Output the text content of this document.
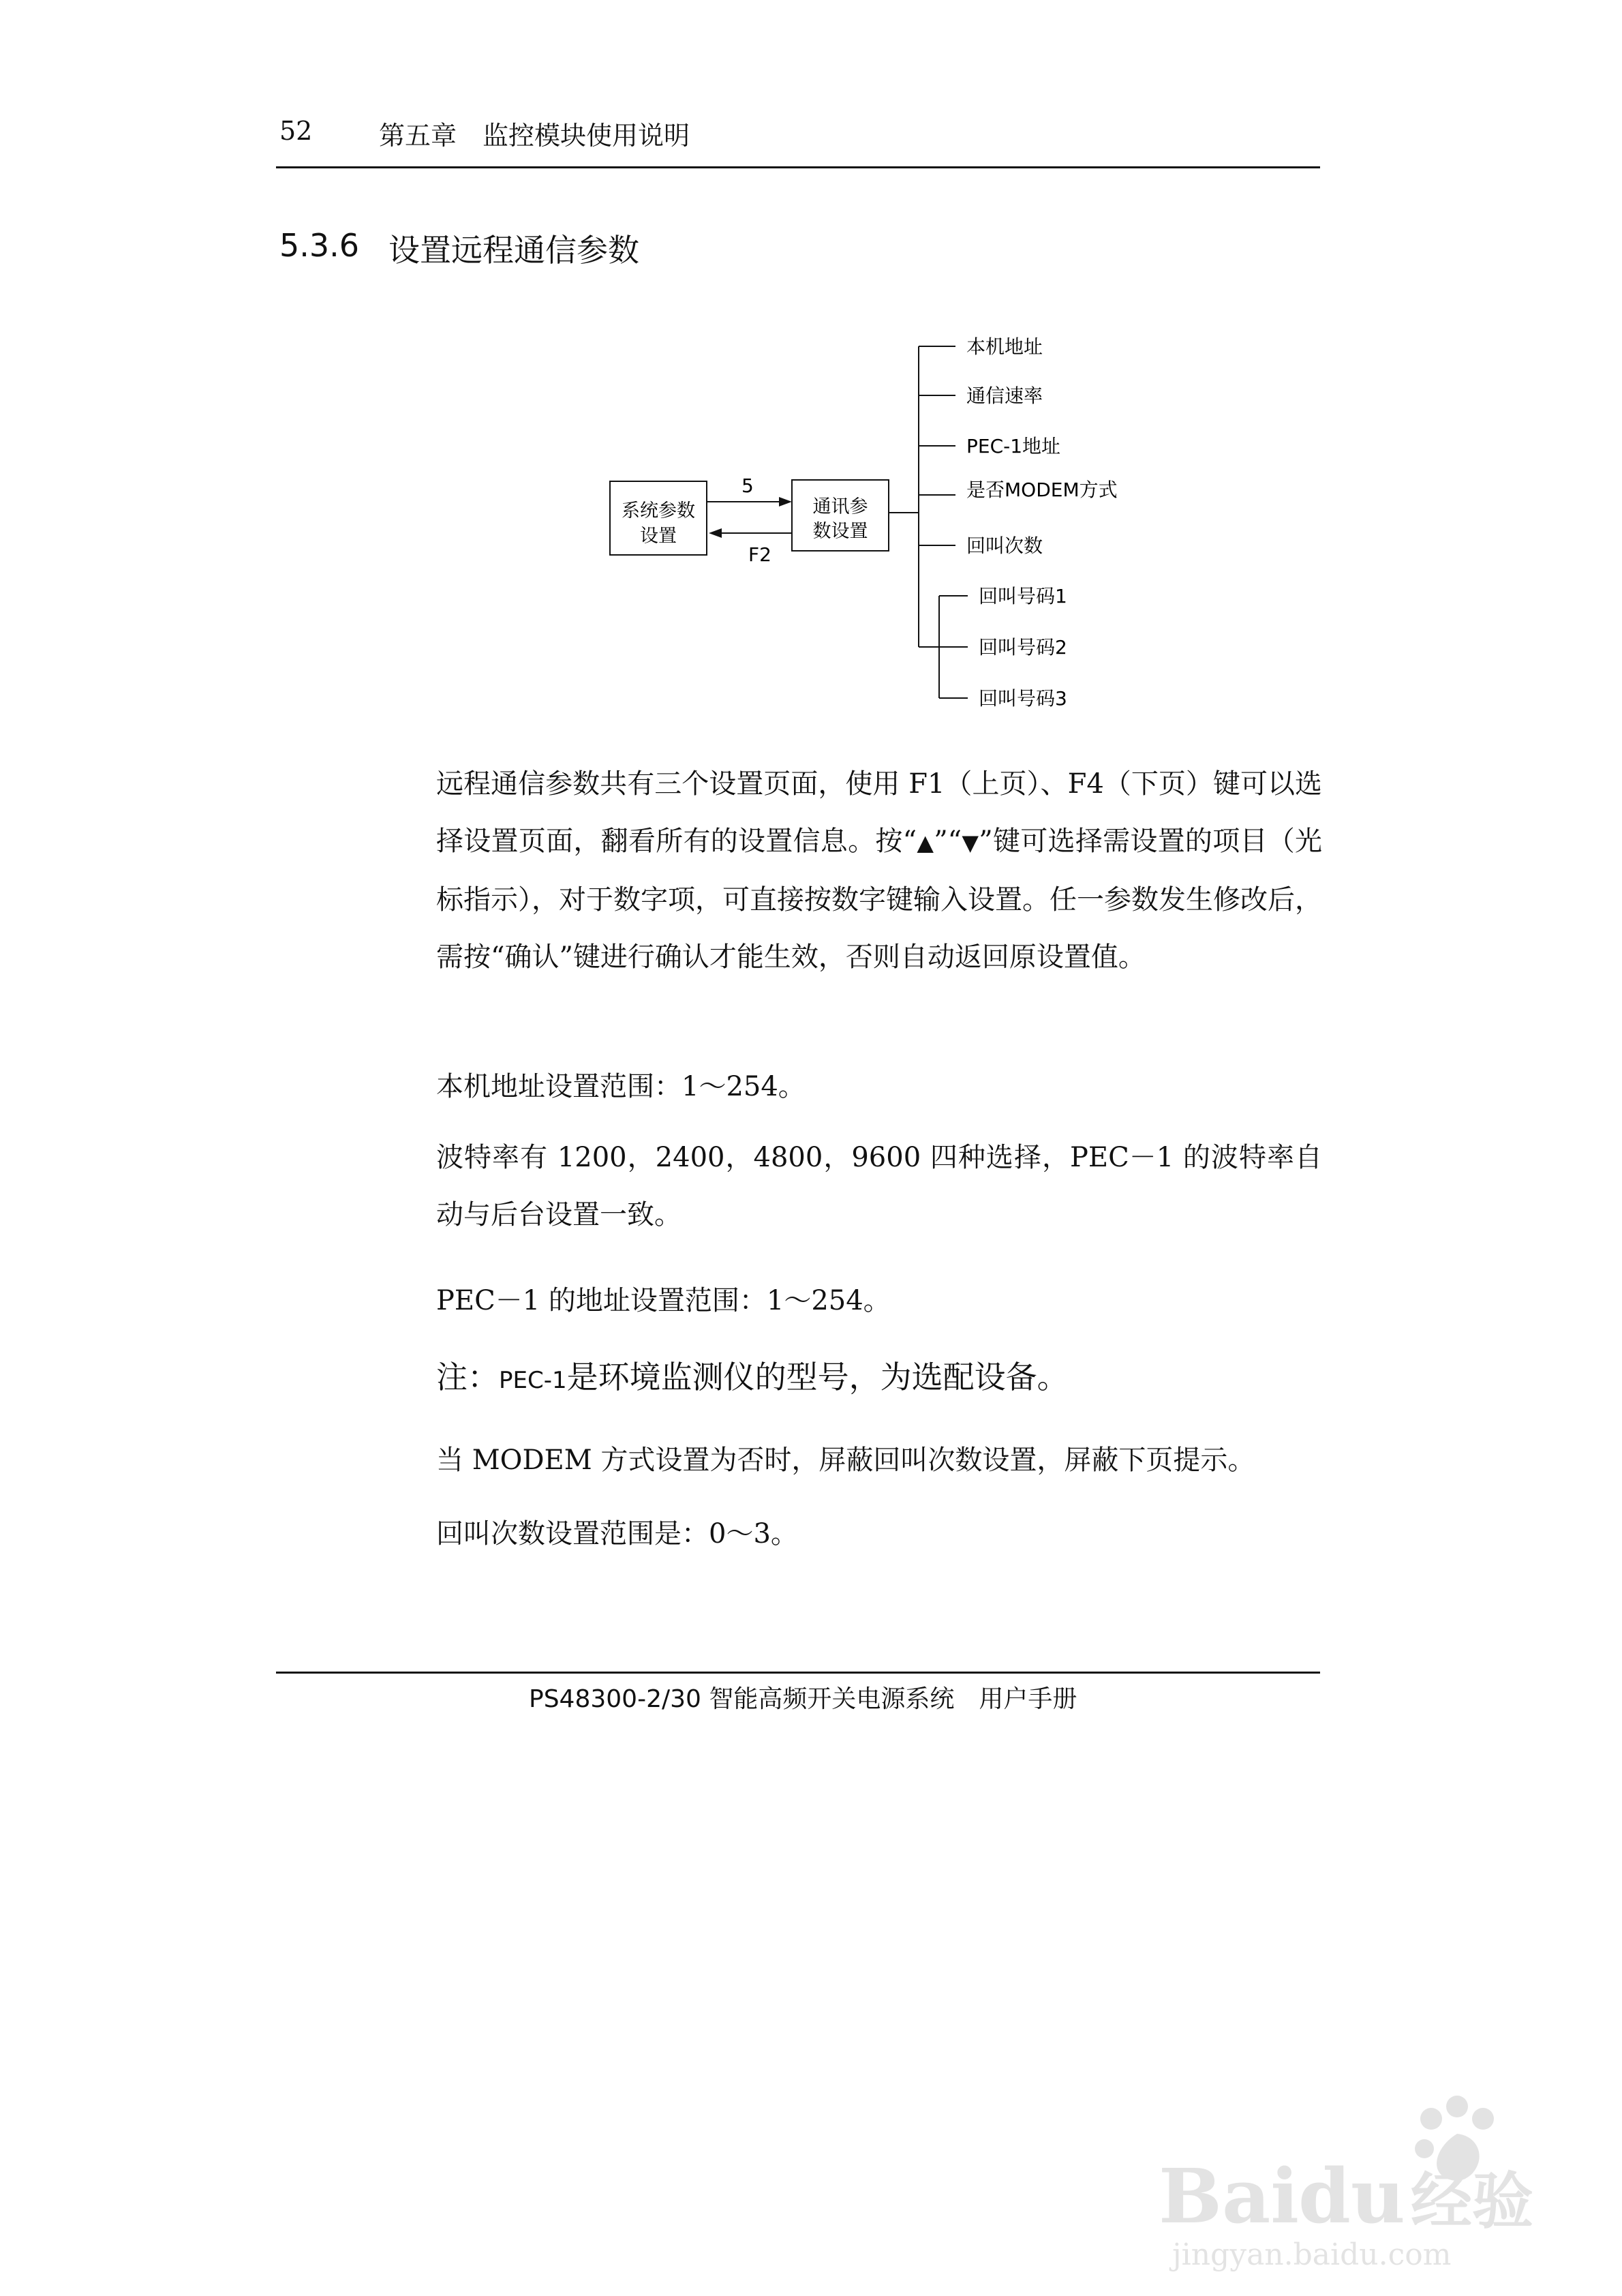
52	第五章　监控模块使用说明
5.3.6 设置远程通信参数
系统参数
设置
5
F2
通讯参
数设置
本机地址
通信速率
PEC-1地址
是否MODEM方式
回叫次数
回叫号码1
回叫号码2
回叫号码3

远程通信参数共有三个设置页面，使用 F1（上页）、F4（下页）键可以选择设置页面，翻看所有的设置信息。按“▲”“▼”键可选择需设置的项目（光标指示），对于数字项，可直接按数字键输入设置。任一参数发生修改后，需按“确认”键进行确认才能生效，否则自动返回原设置值。

本机地址设置范围：1～254。

波特率有 1200，2400，4800，9600 四种选择，PEC－1 的波特率自动与后台设置一致。

PEC－1 的地址设置范围：1～254。
注：PEC-1是环境监测仪的型号，为选配设备。
当 MODEM 方式设置为否时，屏蔽回叫次数设置，屏蔽下页提示。
回叫次数设置范围是：0～3。
PS48300-2/30 智能高频开关电源系统　用户手册
Bai
du 经验
jingyan.baidu.com
